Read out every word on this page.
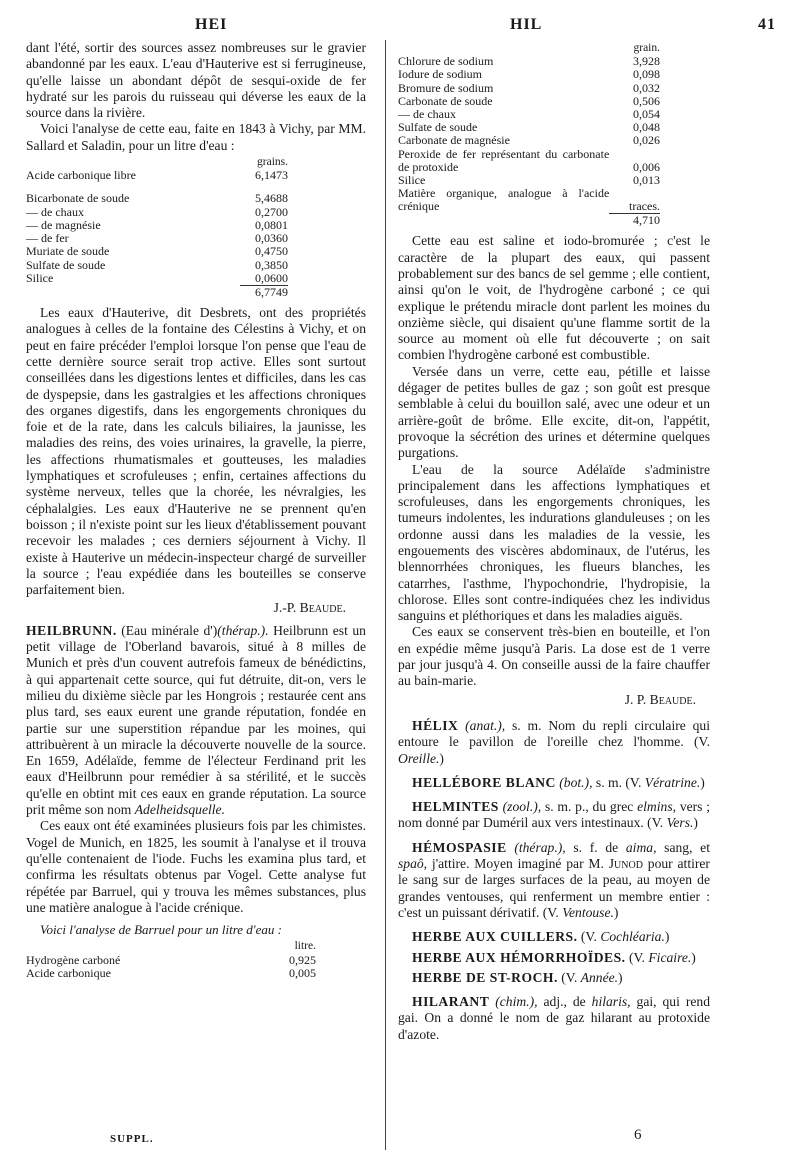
HEI	HIL	41

dant l'été, sortir des sources assez nombreuses sur le gravier abandonné par les eaux. L'eau d'Hauterive est si ferrugineuse, qu'elle laisse un abondant dépôt de sesqui-oxide de fer hydraté sur les parois du ruisseau qui déverse les eaux de la source dans la rivière.

Voici l'analyse de cette eau, faite en 1843 à Vichy, par MM. Sallard et Saladin, pour un litre d'eau :

	grains.
Acide carbonique libre	6,1473

Bicarbonate de soude	5,4688
— de chaux	0,2700
— de magnésie	0,0801
— de fer	0,0360
Muriate de soude	0,4750
Sulfate de soude	0,3850
Silice	0,0600
	6,7749

Les eaux d'Hauterive, dit Desbrets, ont des propriétés analogues à celles de la fontaine des Célestins à Vichy, et on peut en faire précéder l'emploi lorsque l'on pense que l'eau de cette dernière source serait trop active. Elles sont surtout conseillées dans les digestions lentes et difficiles, dans les cas de dyspepsie, dans les gastralgies et les affections chroniques des organes digestifs, dans les engorgements chroniques du foie et de la rate, dans les calculs biliaires, la jaunisse, les maladies des reins, des voies urinaires, la gravelle, la pierre, les affections rhumatismales et goutteuses, les maladies lymphatiques et scrofuleuses ; enfin, certaines affections du système nerveux, telles que la chorée, les névralgies, les céphalalgies. Les eaux d'Hauterive ne se prennent qu'en boisson ; il n'existe point sur les lieux d'établissement pouvant recevoir les malades ; ces derniers séjournent à Vichy. Il existe à Hauterive un médecin-inspecteur chargé de surveiller la source ; l'eau expédiée dans les bouteilles se conserve parfaitement bien.

J.-P. Beaude.

HEILBRUNN. (Eau minérale d')(thérap.). Heilbrunn est un petit village de l'Oberland bavarois, situé à 8 milles de Munich et près d'un couvent autrefois fameux de bénédictins, à qui appartenait cette source, qui fut détruite, dit-on, vers le milieu du dixième siècle par les Hongrois ; restaurée cent ans plus tard, ses eaux eurent une grande réputation, fondée en partie sur une superstition répandue par les moines, qui attribuèrent à un miracle la découverte nouvelle de la source. En 1659, Adélaïde, femme de l'électeur Ferdinand prit les eaux d'Heilbrunn pour remédier à sa stérilité, et le succès qu'elle en obtint mit ces eaux en grande réputation. La source prit même son nom Adelheidsquelle.

Ces eaux ont été examinées plusieurs fois par les chimistes. Vogel de Munich, en 1825, les soumit à l'analyse et il trouva qu'elle contenaient de l'iode. Fuchs les examina plus tard, et confirma les résultats obtenus par Vogel. Cette analyse fut répétée par Barruel, qui y trouva les mêmes substances, plus une matière analogue à l'acide crénique.

Voici l'analyse de Barruel pour un litre d'eau :

	litre.
Hydrogène carboné	0,925
Acide carbonique	0,005
SUPPL.
	grain.
Chlorure de sodium	3,928
Iodure de sodium	0,098
Bromure de sodium	0,032
Carbonate de soude	0,506
— de chaux	0,054
Sulfate de soude	0,048
Carbonate de magnésie	0,026
Peroxide de fer représentant du carbonate de protoxide	0,006
Silice	0,013
Matière organique, analogue à l'acide crénique	traces.
	4,710

Cette eau est saline et iodo-bromurée ; c'est le caractère de la plupart des eaux, qui passent probablement sur des bancs de sel gemme ; elle contient, ainsi qu'on le voit, de l'hydrogène carboné ; ce qui explique le prétendu miracle dont parlent les moines du onzième siècle, qui disaient qu'une flamme sortit de la source au moment où elle fut découverte ; on sait combien l'hydrogène carboné est combustible.

Versée dans un verre, cette eau, pétille et laisse dégager de petites bulles de gaz ; son goût est presque semblable à celui du bouillon salé, avec une odeur et un arrière-goût de brôme. Elle excite, dit-on, l'appétit, provoque la sécrétion des urines et détermine quelques purgations.

L'eau de la source Adélaïde s'administre principalement dans les affections lymphatiques et scrofuleuses, dans les engorgements chroniques, les tumeurs indolentes, les indurations glanduleuses ; on les ordonne aussi dans les maladies de la vessie, les engouements des viscères abdominaux, de l'utérus, les blennorrhées chroniques, les flueurs blanches, les catarrhes, l'asthme, l'hypochondrie, l'hydropisie, la chlorose. Elles sont contre-indiquées chez les individus sanguins et pléthoriques et dans les maladies aiguës.

Ces eaux se conservent très-bien en bouteille, et l'on en expédie même jusqu'à Paris. La dose est de 1 verre par jour jusqu'à 4. On conseille aussi de la faire chauffer au bain-marie.

J. P. Beaude.

HÉLIX (anat.), s. m. Nom du repli circulaire qui entoure le pavillon de l'oreille chez l'homme. (V. Oreille.)

HELLÉBORE BLANC (bot.), s. m. (V. Vératrine.)

HELMINTES (zool.), s. m. p., du grec elmins, vers ; nom donné par Duméril aux vers intestinaux. (V. Vers.)

HÉMOSPASIE (thérap.), s. f. de aima, sang, et spaô, j'attire. Moyen imaginé par M. Junod pour attirer le sang sur de larges surfaces de la peau, au moyen de grandes ventouses, qui renferment un membre entier : c'est un puissant dérivatif. (V. Ventouse.)

HERBE AUX CUILLERS. (V. Cochléaria.)

HERBE AUX HÉMORRHOÏDES. (V. Ficaire.)

HERBE DE ST-ROCH. (V. Année.)

HILARANT (chim.), adj., de hilaris, gai, qui rend gai. On a donné le nom de gaz hilarant au protoxide d'azote.

6
